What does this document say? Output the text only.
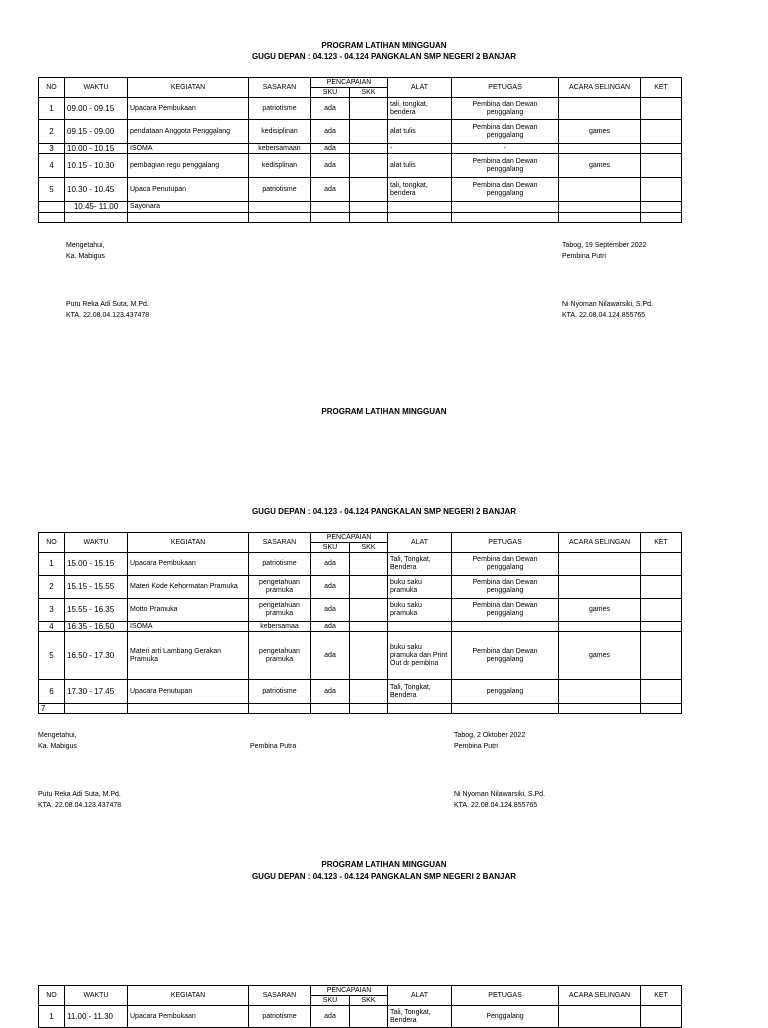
PROGRAM LATIHAN MINGGUAN
GUGU DEPAN : 04.123 - 04.124 PANGKALAN SMP NEGERI 2 BANJAR
NO	WAKTU	KEGIATAN	SASARAN	PENCAPAIAN		ALAT	PETUGAS	ACARA SELINGAN	KET
				SKU	SKK				
1	09.00 - 09.15	Upacara Pembukaan	patriotisme	ada		tali, tongkat, bendera	Pembina dan Dewan penggalang		
2	09.15 - 09.00	pendataan Anggota Penggalang	kedisiplinan	ada		alat tulis	Pembina dan Dewan penggalang	games	
3	10.00 - 10.15	ISOMA	kebersamaan	ada		-	-		
4	10.15 - 10.30	pembagian regu penggalang	kedisplinan	ada		alat tulis	Pembina dan Dewan penggalang	games	
5	10.30 - 10.45	Upaca Penutupan	patriotisme	ada		tali, tongkat, bendera	Pembina dan Dewan penggalang		
	10.45- 11.00	Sayonara							

Mengetahui,
Ka. Mabigus
Putu Reka Adi Suta, M.Pd.
KTA. 22.08.04.123.437478
Tabog, 19 September 2022
Pembina Putri
Ni Nyoman Nilawarsiki, S.Pd.
KTA. 22.08.04.124.855765
PROGRAM LATIHAN MINGGUAN
GUGU DEPAN : 04.123 - 04.124 PANGKALAN SMP NEGERI 2 BANJAR
NO	WAKTU	KEGIATAN	SASARAN	PENCAPAIAN		ALAT	PETUGAS	ACARA SELINGAN	KET
				SKU	SKK				
1	15.00 - 15.15	Upacara Pembukaan	patriotisme	ada		Tali, Tongkat, Bendera	Pembina dan Dewan penggalang		
2	15.15 - 15.55	Materi Kode Kehormatan Pramuka	pengetahuan pramuka	ada		buku saku pramuka	Pembina dan Dewan penggalang		
3	15.55 - 16.35	Motto Pramuka	pengetahuan pramuka	ada		buku saku pramuka	Pembina dan Dewan penggalang	games	
4	16.35 - 16.50	ISOMA	kebersamaa	ada					
5	16.50 - 17.30	Materi arti Lambang Gerakan Pramuka	pengetahuan pramuka	ada		buku saku pramuka dan Print Out dr pembina	Pembina dan Dewan penggalang	games	
6	17.30 - 17.45	Upacara Penutupan	patriotisme	ada		Tali, Tongkat, Bendera	penggalang		
7									
Mengetahui,
Ka. Mabigus	Pembina Putra
Putu Reka Adi Suta, M.Pd.
KTA. 22.08.04.123.437478
Tabog, 2 Oktober 2022
Pembina Putri
Ni Nyoman Nilawarsiki, S.Pd.
KTA. 22.08.04.124.855765
PROGRAM LATIHAN MINGGUAN
GUGU DEPAN : 04.123 - 04.124 PANGKALAN SMP NEGERI 2 BANJAR
NO	WAKTU	KEGIATAN	SASARAN	PENCAPAIAN		ALAT	PETUGAS	ACARA SELINGAN	KET
				SKU	SKK				
1	11.00 - 11.30	Upacara Pembukaan	patriotisme	ada		Tali, Tongkat, Bendera	Penggalang		
